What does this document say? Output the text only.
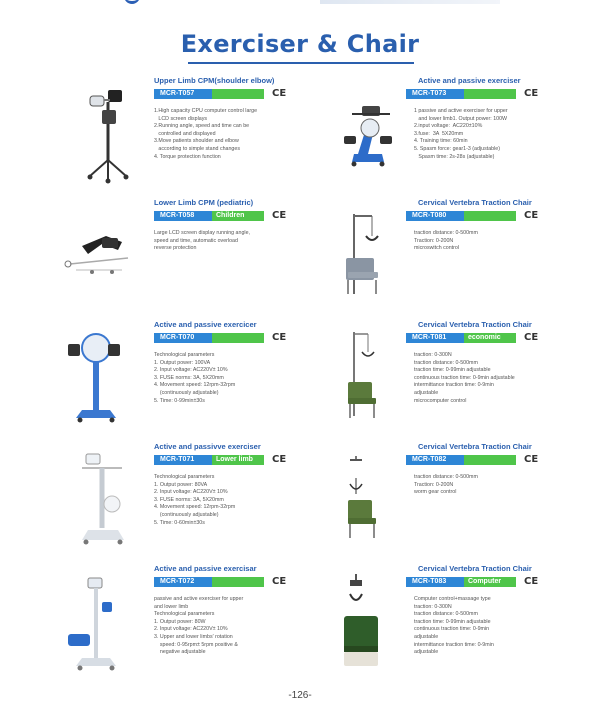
Exerciser & Chair
Upper Limb CPM(shoulder elbow)
MCR-T057	CE
1.High capacity CPU computer control large
LCD screen displays
2.Running angle, speed and time can be
controlled and displayed
3.Move patients shoulder and elbow
according to simple stand changes
4. Torque protection function
Active and passive exerciser
MCR-T073	CE
1 passive and active exerciser for upper
and lower limb1. Output power: 100W
2.input voltage:  AC220±10%
3.fuse:  3A  5X20mm
4. Training time: 60min
5. Spasm force: gear1-3 (adjustable)
Spasm time: 2s-28s (adjustable)
Lower Limb CPM (pediatric)
MCR-T058	Children	CE
Large LCD screen display running angle,
speed and time, automatic overload
reverse protection
Cervical Vertebra Traction Chair
MCR-T080	CE
traction distance: 0-500mm
Traction: 0-200N
microswitch control
Active and passive exercicer
MCR-T070	CE
Technological parameters
1. Output power: 100VA
2. Input voltage: AC220V± 10%
3. FUSE norms: 3A, 5X20mm
4. Movement speed: 12rpm-32rpm
(continuously adjustable)
5. Time: 0-99min±30s
Cervical Vertebra Traction Chair
MCR-T081	economic	CE
traction: 0-300N
traction distance: 0-500mm
traction time: 0-99min adjustable
continuous traction time: 0-9min adjustable
intermittance traction time: 0-9min
adjustable
microcomputer control
Active and passivve exerciser
MCR-T071	Lower limb	CE
Technological parameters
1. Output power: 80VA
2. Input voltage: AC220V± 10%
3. FUSE norms: 3A, 5X20mm
4. Movement speed: 12rpm-32rpm
(continuously adjustable)
5. Time: 0-60min±30s
Cervical Vertebra Traction Chair
MCR-T082	CE
traction distance: 0-500mm
Traction: 0-200N
worm gear control
Active and passive exercisar
MCR-T072	CE
passive and active exerciser for upper
and lower limb
Technological parameters
1. Output power: 80W
2. Input voltage: AC220V± 10%
3. Upper and lower limbs' rotation
speed: 0-95rpm± 5rpm positive &
negative adjustable
Cervical Vertebra Traction Chair
MCR-T083	Computer	CE
Computer control+massage type
traction: 0-300N
traction distance: 0-500mm
traction time: 0-99min adjustable
continuous traction time: 0-9min
adjustable
intermittance traction time: 0-9min
adjustable
-126-
